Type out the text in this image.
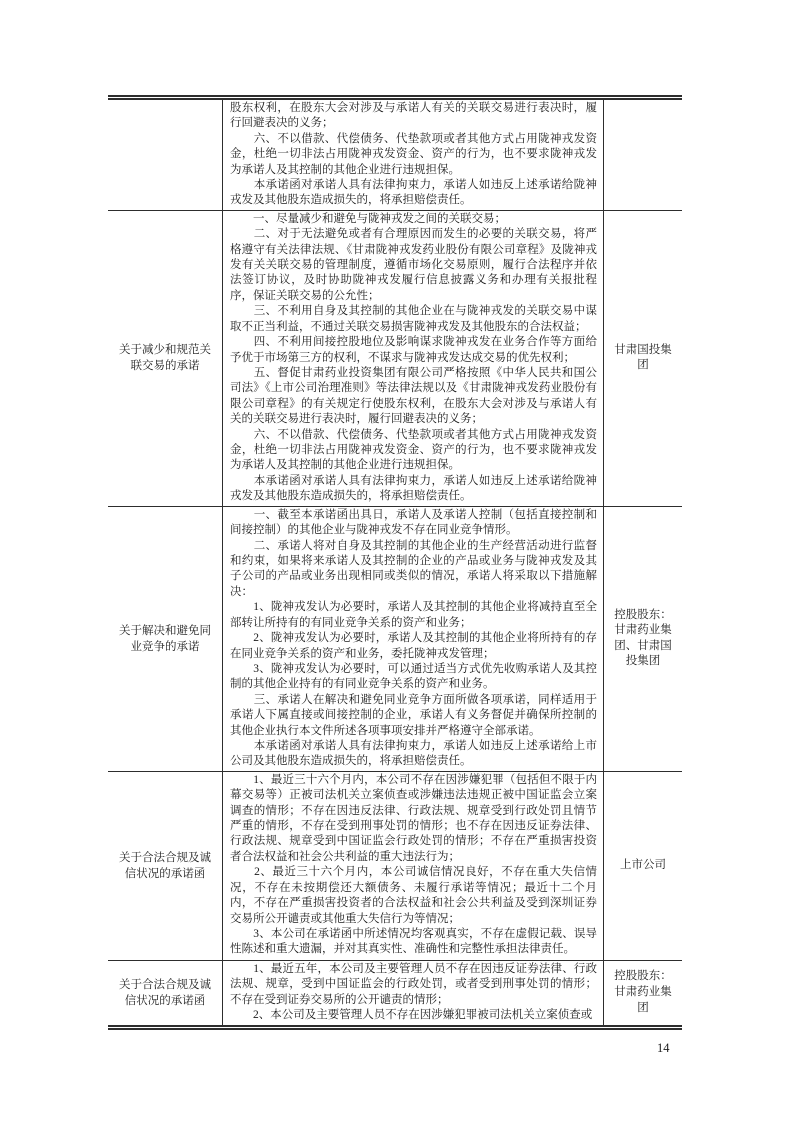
股东权利，在股东大会对涉及与承诺人有关的关联交易进行表决时，履行回避表决的义务；

　　六、不以借款、代偿债务、代垫款项或者其他方式占用陇神戎发资金，杜绝一切非法占用陇神戎发资金、资产的行为，也不要求陇神戎发为承诺人及其控制的其他企业进行违规担保。

　　本承诺函对承诺人具有法律拘束力，承诺人如违反上述承诺给陇神戎发及其他股东造成损失的，将承担赔偿责任。

关于减少和规范关联交易的承诺

　　一、尽量减少和避免与陇神戎发之间的关联交易；

　　二、对于无法避免或者有合理原因而发生的必要的关联交易，将严格遵守有关法律法规、《甘肃陇神戎发药业股份有限公司章程》及陇神戎发有关关联交易的管理制度，遵循市场化交易原则，履行合法程序并依法签订协议，及时协助陇神戎发履行信息披露义务和办理有关报批程序，保证关联交易的公允性；

　　三、不利用自身及其控制的其他企业在与陇神戎发的关联交易中谋取不正当利益，不通过关联交易损害陇神戎发及其他股东的合法权益；

　　四、不利用间接控股地位及影响谋求陇神戎发在业务合作等方面给予优于市场第三方的权利，不谋求与陇神戎发达成交易的优先权利；

　　五、督促甘肃药业投资集团有限公司严格按照《中华人民共和国公司法》《上市公司治理准则》等法律法规以及《甘肃陇神戎发药业股份有限公司章程》的有关规定行使股东权利，在股东大会对涉及与承诺人有关的关联交易进行表决时，履行回避表决的义务；

　　六、不以借款、代偿债务、代垫款项或者其他方式占用陇神戎发资金，杜绝一切非法占用陇神戎发资金、资产的行为，也不要求陇神戎发为承诺人及其控制的其他企业进行违规担保。

　　本承诺函对承诺人具有法律拘束力，承诺人如违反上述承诺给陇神戎发及其他股东造成损失的，将承担赔偿责任。

甘肃国投集团
关于解决和避免同业竞争的承诺

　　一、截至本承诺函出具日，承诺人及承诺人控制（包括直接控制和间接控制）的其他企业与陇神戎发不存在同业竞争情形。

　　二、承诺人将对自身及其控制的其他企业的生产经营活动进行监督和约束，如果将来承诺人及其控制的企业的产品或业务与陇神戎发及其子公司的产品或业务出现相同或类似的情况，承诺人将采取以下措施解决：

　　1、陇神戎发认为必要时，承诺人及其控制的其他企业将减持直至全部转让所持有的有同业竞争关系的资产和业务；

　　2、陇神戎发认为必要时，承诺人及其控制的其他企业将所持有的存在同业竞争关系的资产和业务，委托陇神戎发管理；

　　3、陇神戎发认为必要时，可以通过适当方式优先收购承诺人及其控制的其他企业持有的有同业竞争关系的资产和业务。

　　三、承诺人在解决和避免同业竞争方面所做各项承诺，同样适用于承诺人下属直接或间接控制的企业，承诺人有义务督促并确保所控制的其他企业执行本文件所述各项事项安排并严格遵守全部承诺。

　　本承诺函对承诺人具有法律拘束力，承诺人如违反上述承诺给上市公司及其他股东造成损失的，将承担赔偿责任。

控股股东：甘肃药业集团、甘肃国投集团
关于合法合规及诚信状况的承诺函

　　1、最近三十六个月内，本公司不存在因涉嫌犯罪（包括但不限于内幕交易等）正被司法机关立案侦查或涉嫌违法违规正被中国证监会立案调查的情形；不存在因违反法律、行政法规、规章受到行政处罚且情节严重的情形，不存在受到刑事处罚的情形；也不存在因违反证券法律、行政法规、规章受到中国证监会行政处罚的情形；不存在严重损害投资者合法权益和社会公共利益的重大违法行为；

　　2、最近三十六个月内，本公司诚信情况良好，不存在重大失信情况，不存在未按期偿还大额债务、未履行承诺等情况；最近十二个月内，不存在严重损害投资者的合法权益和社会公共利益及受到深圳证券交易所公开谴责或其他重大失信行为等情况；

　　3、本公司在承诺函中所述情况均客观真实，不存在虚假记载、误导性陈述和重大遗漏，并对其真实性、准确性和完整性承担法律责任。

上市公司
关于合法合规及诚信状况的承诺函

　　1、最近五年，本公司及主要管理人员不存在因违反证券法律、行政法规、规章，受到中国证监会的行政处罚，或者受到刑事处罚的情形；不存在受到证券交易所的公开谴责的情形；

　　2、本公司及主要管理人员不存在因涉嫌犯罪被司法机关立案侦查或

控股股东：甘肃药业集团
14
